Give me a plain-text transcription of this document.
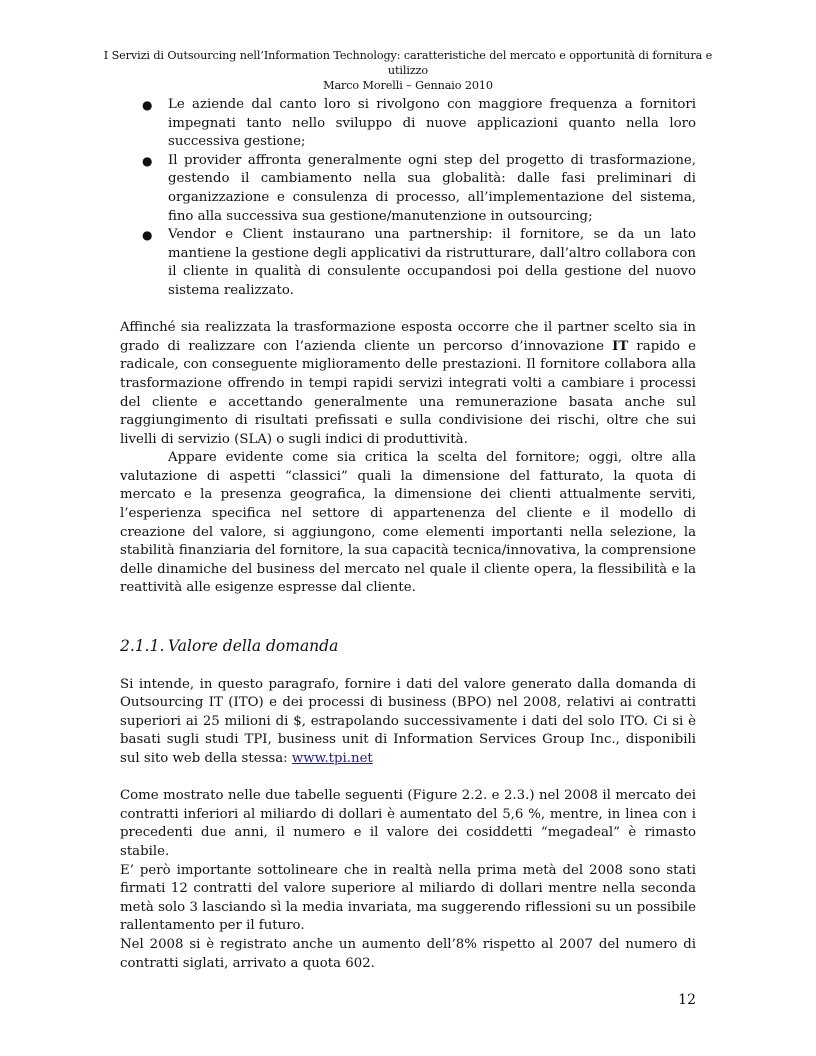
I Servizi di Outsourcing nell’Information Technology: caratteristiche del mercato e opportunità di fornitura e utilizzo
Marco Morelli – Gennaio 2010
● Le aziende dal canto loro si rivolgono con maggiore frequenza a fornitori impegnati tanto nello sviluppo di nuove applicazioni quanto nella loro successiva gestione;
● Il provider affronta generalmente ogni step del progetto di trasformazione, gestendo il cambiamento nella sua globalità: dalle fasi preliminari di organizzazione e consulenza di processo, all’implementazione del sistema, fino alla successiva sua gestione/manutenzione in outsourcing;
● Vendor e Client instaurano una partnership: il fornitore, se da un lato mantiene la gestione degli applicativi da ristrutturare, dall’altro collabora con il cliente in qualità di consulente occupandosi poi della gestione del nuovo sistema realizzato.

Affinché sia realizzata la trasformazione esposta occorre che il partner scelto sia in grado di realizzare con l’azienda cliente un percorso d’innovazione IT rapido e radicale, con conseguente miglioramento delle prestazioni. Il fornitore collabora alla trasformazione offrendo in tempi rapidi servizi integrati volti a cambiare i processi del cliente e accettando generalmente una remunerazione basata anche sul raggiungimento di risultati prefissati e sulla condivisione dei rischi, oltre che sui livelli di servizio (SLA) o sugli indici di produttività.

Appare evidente come sia critica la scelta del fornitore; oggi, oltre alla valutazione di aspetti “classici” quali la dimensione del fatturato, la quota di mercato e la presenza geografica, la dimensione dei clienti attualmente serviti, l’esperienza specifica nel settore di appartenenza del cliente e il modello di creazione del valore, si aggiungono, come elementi importanti nella selezione, la stabilità finanziaria del fornitore, la sua capacità tecnica/innovativa, la comprensione delle dinamiche del business del mercato nel quale il cliente opera, la flessibilità e la reattività alle esigenze espresse dal cliente.

2.1.1. Valore della domanda

Si intende, in questo paragrafo, fornire i dati del valore generato dalla domanda di Outsourcing IT (ITO) e dei processi di business (BPO) nel 2008, relativi ai contratti superiori ai 25 milioni di $, estrapolando successivamente i dati del solo ITO. Ci si è basati sugli studi TPI, business unit di Information Services Group Inc., disponibili sul sito web della stessa: www.tpi.net

Come mostrato nelle due tabelle seguenti (Figure 2.2. e 2.3.) nel 2008 il mercato dei contratti inferiori al miliardo di dollari è aumentato del 5,6 %, mentre, in linea con i precedenti due anni, il numero e il valore dei cosiddetti “megadeal” è rimasto stabile.

E’ però importante sottolineare che in realtà nella prima metà del 2008 sono stati firmati 12 contratti del valore superiore al miliardo di dollari mentre nella seconda metà solo 3 lasciando sì la media invariata, ma suggerendo riflessioni su un possibile rallentamento per il futuro.

Nel 2008 si è registrato anche un aumento dell’8% rispetto al 2007 del numero di contratti siglati, arrivato a quota 602.

12
